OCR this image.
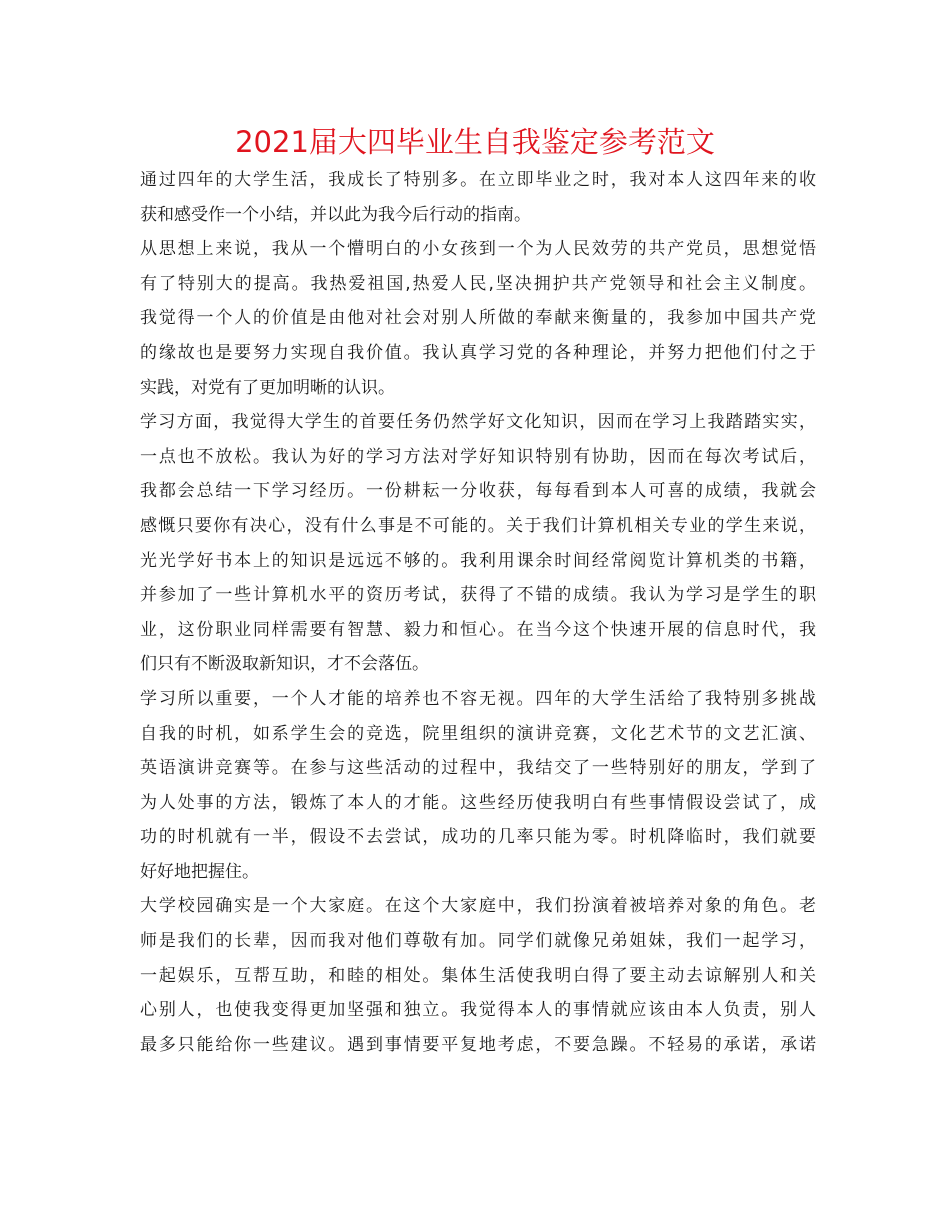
2021届大四毕业生自我鉴定参考范文
通过四年的大学生活，我成长了特别多。在立即毕业之时，我对本人这四年来的收
获和感受作一个小结，并以此为我今后行动的指南。
从思想上来说，我从一个懵明白的小女孩到一个为人民效劳的共产党员，思想觉悟
有了特别大的提高。我热爱祖国,热爱人民,坚决拥护共产党领导和社会主义制度。
我觉得一个人的价值是由他对社会对别人所做的奉献来衡量的，我参加中国共产党
的缘故也是要努力实现自我价值。我认真学习党的各种理论，并努力把他们付之于
实践，对党有了更加明晰的认识。
学习方面，我觉得大学生的首要任务仍然学好文化知识，因而在学习上我踏踏实实，
一点也不放松。我认为好的学习方法对学好知识特别有协助，因而在每次考试后，
我都会总结一下学习经历。一份耕耘一分收获，每每看到本人可喜的成绩，我就会
感慨只要你有决心，没有什么事是不可能的。关于我们计算机相关专业的学生来说，
光光学好书本上的知识是远远不够的。我利用课余时间经常阅览计算机类的书籍，
并参加了一些计算机水平的资历考试，获得了不错的成绩。我认为学习是学生的职
业，这份职业同样需要有智慧、毅力和恒心。在当今这个快速开展的信息时代，我
们只有不断汲取新知识，才不会落伍。
学习所以重要，一个人才能的培养也不容无视。四年的大学生活给了我特别多挑战
自我的时机，如系学生会的竞选，院里组织的演讲竞赛，文化艺术节的文艺汇演、
英语演讲竞赛等。在参与这些活动的过程中，我结交了一些特别好的朋友，学到了
为人处事的方法，锻炼了本人的才能。这些经历使我明白有些事情假设尝试了，成
功的时机就有一半，假设不去尝试，成功的几率只能为零。时机降临时，我们就要
好好地把握住。
大学校园确实是一个大家庭。在这个大家庭中，我们扮演着被培养对象的角色。老
师是我们的长辈，因而我对他们尊敬有加。同学们就像兄弟姐妹，我们一起学习，
一起娱乐，互帮互助，和睦的相处。集体生活使我明白得了要主动去谅解别人和关
心别人，也使我变得更加坚强和独立。我觉得本人的事情就应该由本人负责，别人
最多只能给你一些建议。遇到事情要平复地考虑，不要急躁。不轻易的承诺，承诺
